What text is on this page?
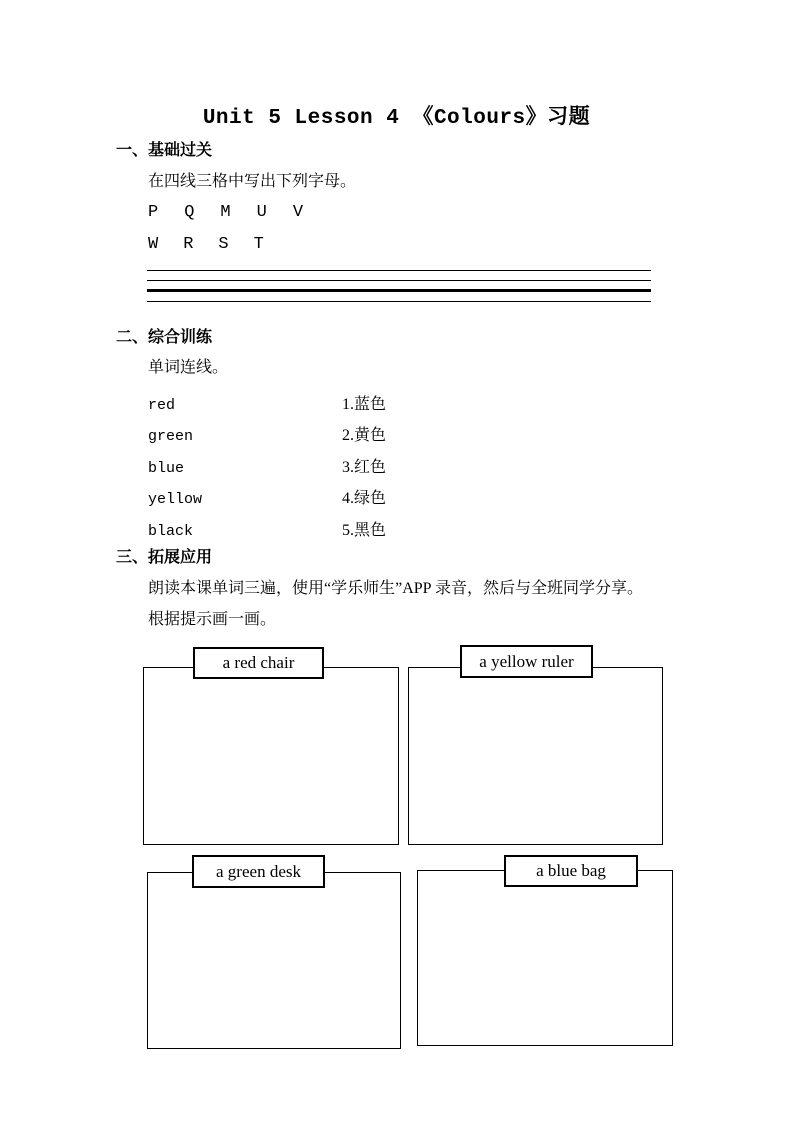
Unit 5 Lesson 4 《Colours》习题
一、基础过关
在四线三格中写出下列字母。
P Q M U V
W R S T
二、综合训练
单词连线。
red	1.蓝色
green	2.黄色
blue	3.红色
yellow	4.绿色
black	5.黑色
三、拓展应用
朗读本课单词三遍，使用“学乐师生”APP 录音，然后与全班同学分享。
根据提示画一画。
a red chair	a yellow ruler
a green desk	a blue bag
